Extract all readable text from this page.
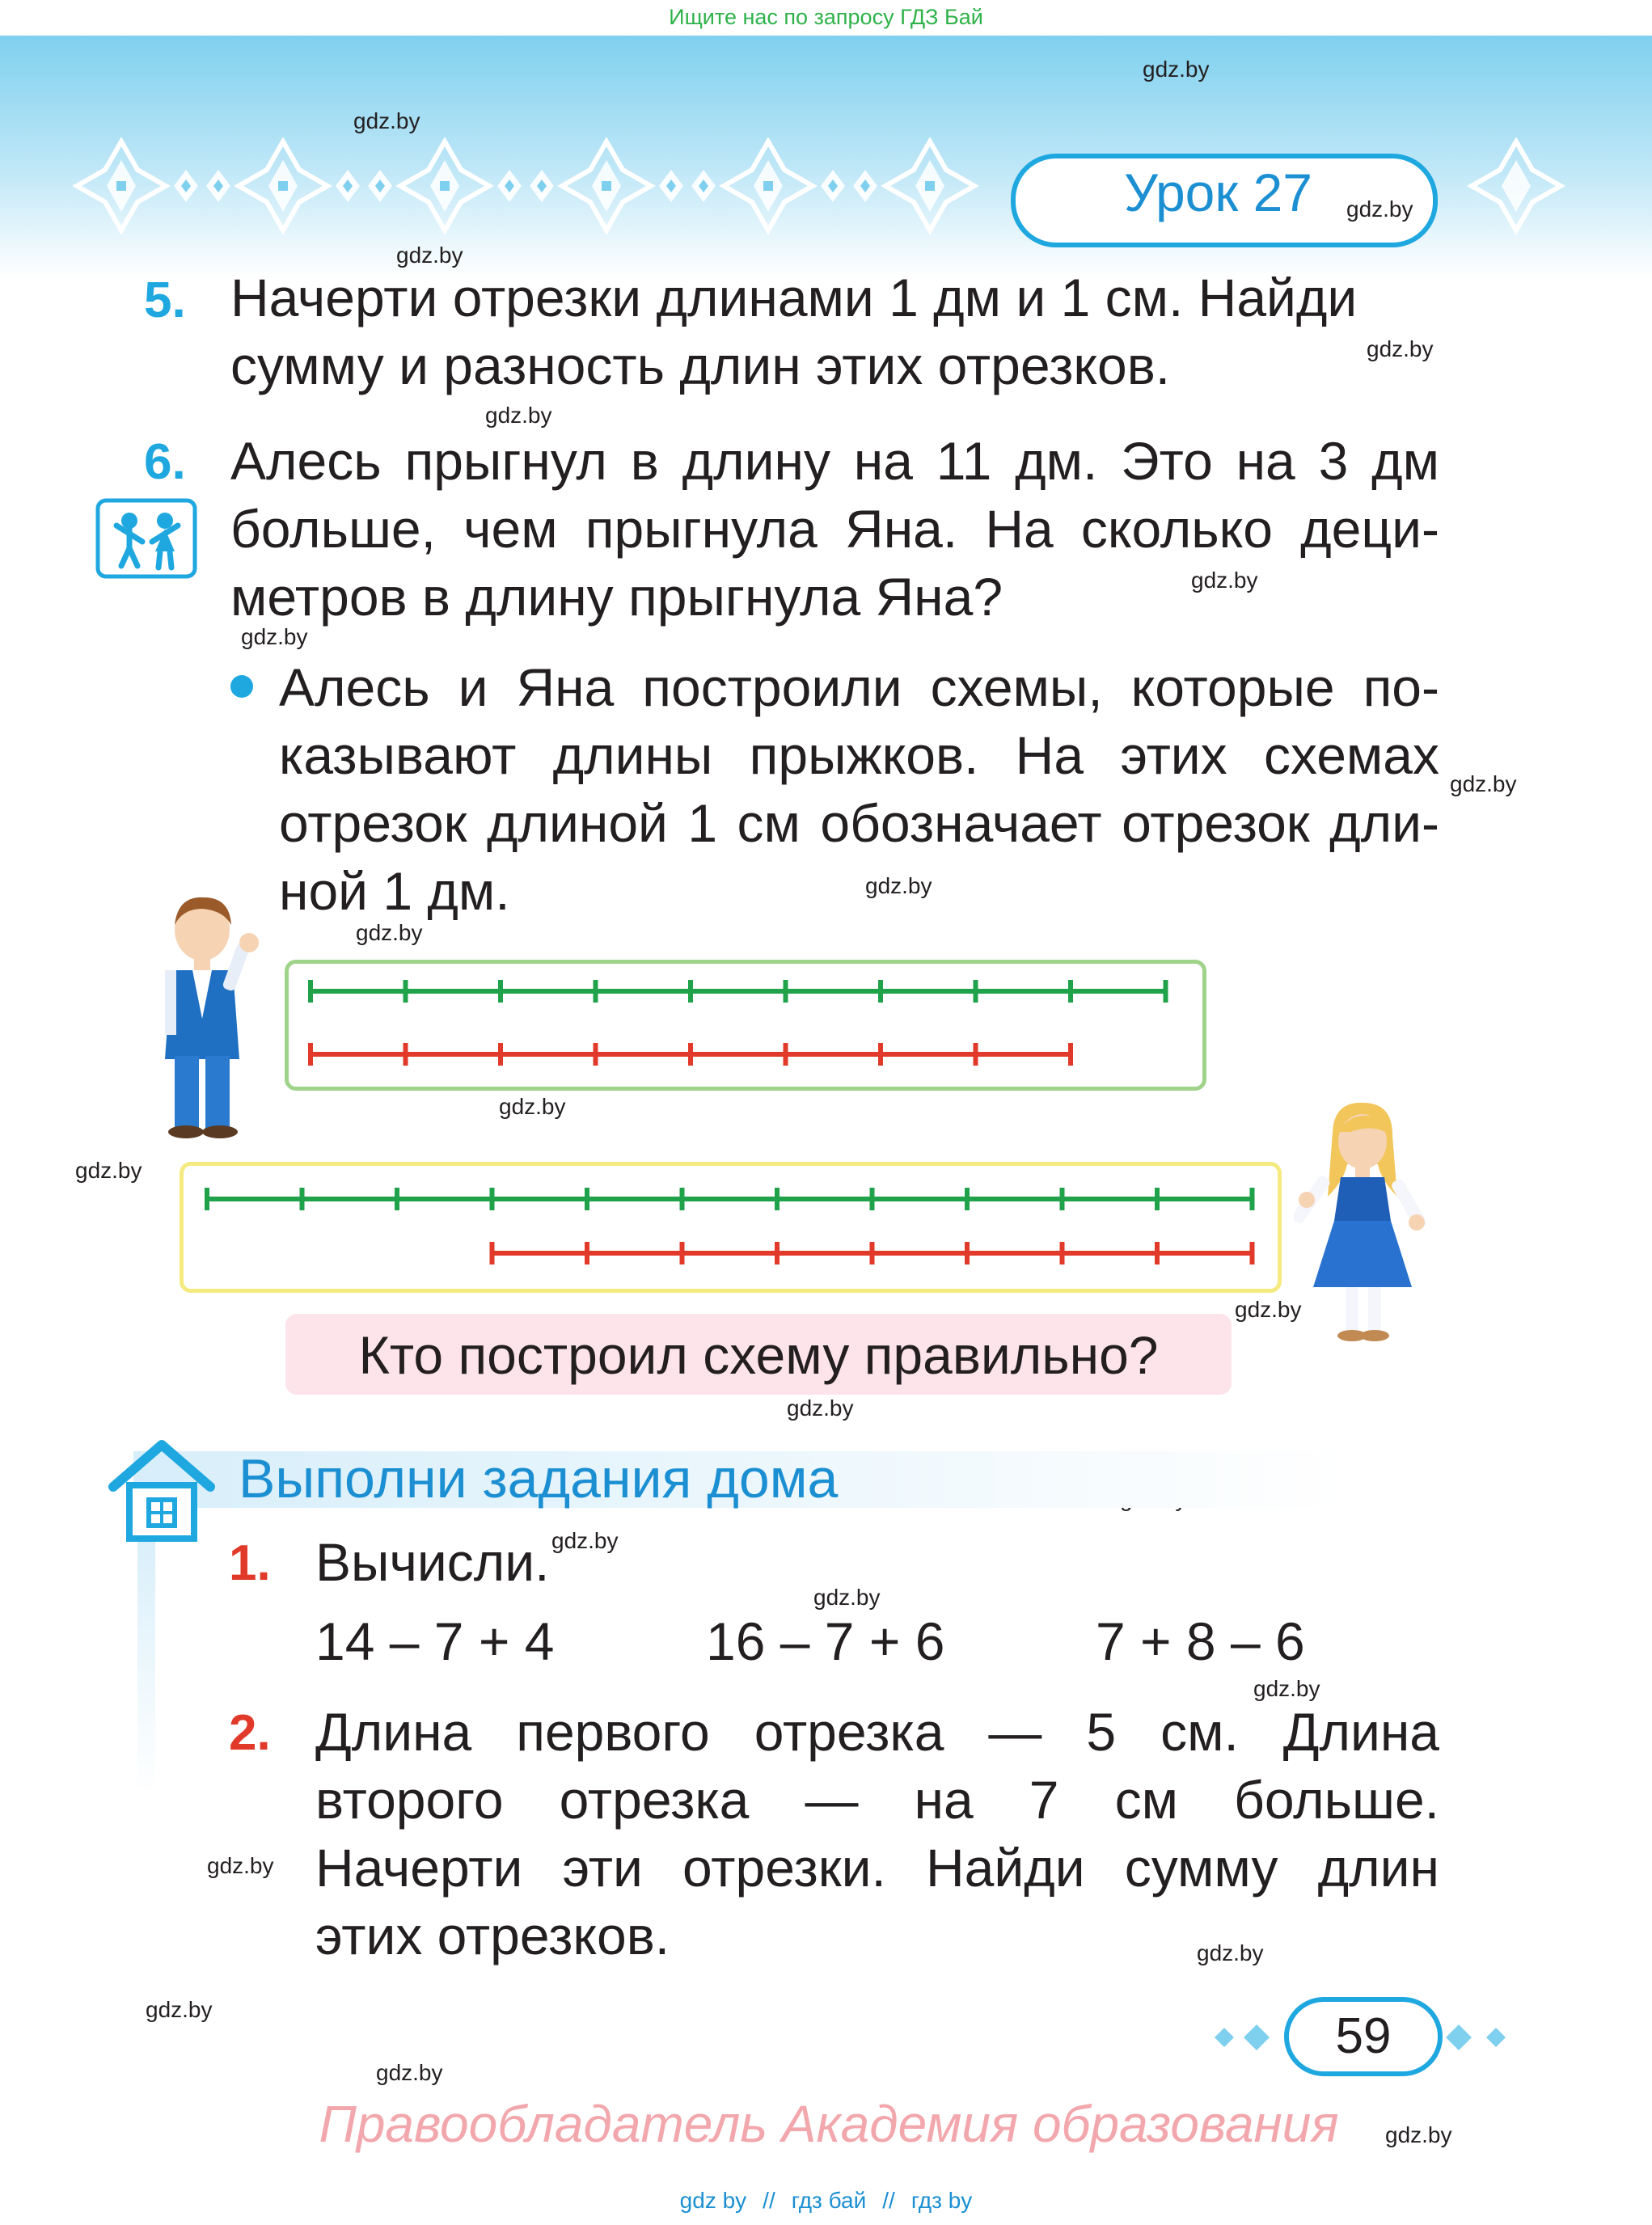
Ищите нас по запросу ГДЗ Бай
Урок 27
gdz.by
gdz.by
gdz.by
gdz.by
gdz.by
gdz.by
gdz.by
gdz.by
gdz.by
gdz.by
gdz.by
gdz.by
gdz.by
gdz.by
gdz.by
gdz.by
gdz.by
gdz.by
gdz.by
gdz.by
gdz.by
gdz.by
gdz.by
5. Начерти отрезки длинами 1 дм и 1 см. Найди
сумму и разность длин этих отрезков.
6. Алесь прыгнул в длину на 11 дм. Это на 3 дм
больше, чем прыгнула Яна. На сколько деци-
метров в длину прыгнула Яна?
Алесь и Яна построили схемы, которые по-
казывают длины прыжков. На этих схемах
отрезок длиной 1 см обозначает отрезок дли-
ной 1 дм.
Кто построил схему правильно?
Выполни задания дома
1. Вычисли.
14 – 7 + 4	16 – 7 + 6	7 + 8 – 6
2. Длина первого отрезка — 5 см. Длина
второго отрезка — на 7 см больше.
Начерти эти отрезки. Найди сумму длин
этих отрезков.
59
Правообладатель Академия образования
gdz by // гдз бай // гдз by
